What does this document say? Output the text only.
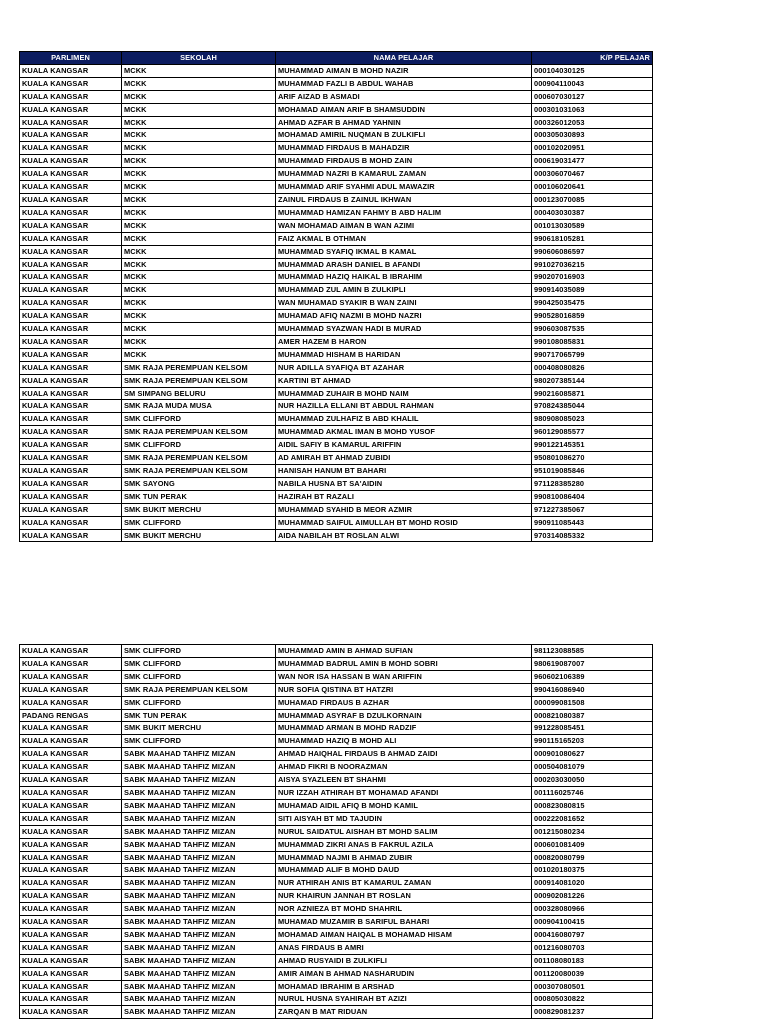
PARLIMEN	SEKOLAH	NAMA PELAJAR	K/P PELAJAR
KUALA KANGSAR	MCKK	MUHAMMAD AIMAN B MOHD NAZIR	000104030125
KUALA KANGSAR	MCKK	MUHAMMAD FAZLI B ABDUL WAHAB	000904110043
KUALA KANGSAR	MCKK	ARIF AIZAD B ASMADI	000607030127
KUALA KANGSAR	MCKK	MOHAMAD AIMAN ARIF B SHAMSUDDIN	000301031063
KUALA KANGSAR	MCKK	AHMAD AZFAR B AHMAD YAHNIN	000326012053
KUALA KANGSAR	MCKK	MOHAMAD AMIRIL NUQMAN B ZULKIFLI	000305030893
KUALA KANGSAR	MCKK	MUHAMMAD FIRDAUS B MAHADZIR	000102020951
KUALA KANGSAR	MCKK	MUHAMMAD FIRDAUS B MOHD ZAIN	000619031477
KUALA KANGSAR	MCKK	MUHAMMAD NAZRI B KAMARUL ZAMAN	000306070467
KUALA KANGSAR	MCKK	MUHAMMAD ARIF SYAHMI ADUL MAWAZIR	000106020641
KUALA KANGSAR	MCKK	ZAINUL FIRDAUS B ZAINUL IKHWAN	000123070085
KUALA KANGSAR	MCKK	MUHAMMAD HAMIZAN FAHMY B ABD HALIM	000403030387
KUALA KANGSAR	MCKK	WAN MOHAMAD AIMAN B WAN AZIMI	001013030589
KUALA KANGSAR	MCKK	FAIZ AKMAL B OTHMAN	990618105281
KUALA KANGSAR	MCKK	MUHAMMAD SYAFIQ IKMAL B KAMAL	990606086597
KUALA KANGSAR	MCKK	MUHAMMAD ARASH DANIEL B AFANDI	991027036215
KUALA KANGSAR	MCKK	MUHAMMAD HAZIQ HAIKAL B IBRAHIM	990207016903
KUALA KANGSAR	MCKK	MUHAMMAD ZUL AMIN B ZULKIPLI	990914035089
KUALA KANGSAR	MCKK	WAN MUHAMAD SYAKIR B WAN ZAINI	990425035475
KUALA KANGSAR	MCKK	MUHAMAD AFIQ NAZMI B MOHD NAZRI	990528016859
KUALA KANGSAR	MCKK	MUHAMMAD SYAZWAN HADI B MURAD	990603087535
KUALA KANGSAR	MCKK	AMER HAZEM B HARON	990108085831
KUALA KANGSAR	MCKK	MUHAMMAD HISHAM B HARIDAN	990717065799
KUALA KANGSAR	SMK RAJA PEREMPUAN KELSOM	NUR ADILLA SYAFIQA BT AZAHAR	000408080826
KUALA KANGSAR	SMK RAJA PEREMPUAN KELSOM	KARTINI BT AHMAD	980207385144
KUALA KANGSAR	SM SIMPANG BELURU	MUHAMMAD ZUHAIR B MOHD NAIM	990216085871
KUALA KANGSAR	SMK RAJA MUDA MUSA	NUR HAZILLA ELLANI BT ABDUL RAHMAN	970824385044
KUALA KANGSAR	SMK CLIFFORD	MUHAMMAD ZULHAFIZ B ABD KHALIL	980908085023
KUALA KANGSAR	SMK RAJA PEREMPUAN KELSOM	MUHAMMAD AKMAL IMAN B MOHD YUSOF	960129085577
KUALA KANGSAR	SMK CLIFFORD	AIDIL SAFIY B KAMARUL ARIFFIN	990122145351
KUALA KANGSAR	SMK RAJA PEREMPUAN KELSOM	AD AMIRAH BT AHMAD ZUBIDI	950801086270
KUALA KANGSAR	SMK RAJA PEREMPUAN KELSOM	HANISAH HANUM BT BAHARI	951019085846
KUALA KANGSAR	SMK SAYONG	NABILA HUSNA BT SA'AIDIN	971128385280
KUALA KANGSAR	SMK TUN PERAK	HAZIRAH BT RAZALI	990810086404
KUALA KANGSAR	SMK BUKIT MERCHU	MUHAMMAD SYAHID B MEOR AZMIR	971227385067
KUALA KANGSAR	SMK CLIFFORD	MUHAMMAD SAIFUL AIMULLAH BT MOHD ROSID	990911085443
KUALA KANGSAR	SMK BUKIT MERCHU	AIDA NABILAH BT ROSLAN ALWI	970314085332
KUALA KANGSAR	SMK CLIFFORD	MUHAMMAD AMIN B AHMAD SUFIAN	981123088585
KUALA KANGSAR	SMK CLIFFORD	MUHAMMAD BADRUL AMIN B MOHD SOBRI	980619087007
KUALA KANGSAR	SMK CLIFFORD	WAN NOR ISA HASSAN B WAN ARIFFIN	960602106389
KUALA KANGSAR	SMK RAJA PEREMPUAN KELSOM	NUR SOFIA QISTINA BT HATZRI	990416086940
KUALA KANGSAR	SMK CLIFFORD	MUHAMAD FIRDAUS B AZHAR	000099081508
PADANG RENGAS	SMK TUN PERAK	MUHAMMAD ASYRAF B DZULKORNAIN	000821080387
KUALA KANGSAR	SMK BUKIT MERCHU	MUHAMMAD ARMAN B MOHD RADZIF	991228085451
KUALA KANGSAR	SMK CLIFFORD	MUHAMMAD HAZIQ B MOHD ALI	990115165203
KUALA KANGSAR	SABK MAAHAD TAHFIZ MIZAN	AHMAD HAIQHAL FIRDAUS B AHMAD ZAIDI	000901080627
KUALA KANGSAR	SABK MAAHAD TAHFIZ MIZAN	AHMAD FIKRI B NOORAZMAN	000504081079
KUALA KANGSAR	SABK MAAHAD TAHFIZ MIZAN	AISYA SYAZLEEN BT SHAHMI	000203030050
KUALA KANGSAR	SABK MAAHAD TAHFIZ MIZAN	NUR IZZAH ATHIRAH BT MOHAMAD AFANDI	001116025746
KUALA KANGSAR	SABK MAAHAD TAHFIZ MIZAN	MUHAMAD AIDIL AFIQ B MOHD KAMIL	000823080815
KUALA KANGSAR	SABK MAAHAD TAHFIZ MIZAN	SITI AISYAH BT MD TAJUDIN	000222081652
KUALA KANGSAR	SABK MAAHAD TAHFIZ MIZAN	NURUL SAIDATUL AISHAH BT MOHD SALIM	001215080234
KUALA KANGSAR	SABK MAAHAD TAHFIZ MIZAN	MUHAMMAD ZIKRI ANAS B FAKRUL AZILA	000601081409
KUALA KANGSAR	SABK MAAHAD TAHFIZ MIZAN	MUHAMMAD NAJMI B AHMAD ZUBIR	000820080799
KUALA KANGSAR	SABK MAAHAD TAHFIZ MIZAN	MUHAMMAD ALIF B MOHD DAUD	001020180375
KUALA KANGSAR	SABK MAAHAD TAHFIZ MIZAN	NUR ATHIRAH ANIS BT KAMARUL ZAMAN	000914081020
KUALA KANGSAR	SABK MAAHAD TAHFIZ MIZAN	NUR KHAIRUN JANNAH BT ROSLAN	000902081226
KUALA KANGSAR	SABK MAAHAD TAHFIZ MIZAN	NOR AZNIEZA BT MOHD SHAHRIL	000328080966
KUALA KANGSAR	SABK MAAHAD TAHFIZ MIZAN	MUHAMAD MUZAMIR B SARIFUL BAHARI	000904100415
KUALA KANGSAR	SABK MAAHAD TAHFIZ MIZAN	MOHAMAD AIMAN HAIQAL B MOHAMAD HISAM	000416080797
KUALA KANGSAR	SABK MAAHAD TAHFIZ MIZAN	ANAS FIRDAUS B AMRI	001216080703
KUALA KANGSAR	SABK MAAHAD TAHFIZ MIZAN	AHMAD RUSYAIDI B ZULKIFLI	001108080183
KUALA KANGSAR	SABK MAAHAD TAHFIZ MIZAN	AMIR AIMAN B AHMAD NASHARUDIN	001120080039
KUALA KANGSAR	SABK MAAHAD TAHFIZ MIZAN	MOHAMAD IBRAHIM B ARSHAD	000307080501
KUALA KANGSAR	SABK MAAHAD TAHFIZ MIZAN	NURUL HUSNA SYAHIRAH BT AZIZI	000805030822
KUALA KANGSAR	SABK MAAHAD TAHFIZ MIZAN	ZARQAN B MAT RIDUAN	000829081237
